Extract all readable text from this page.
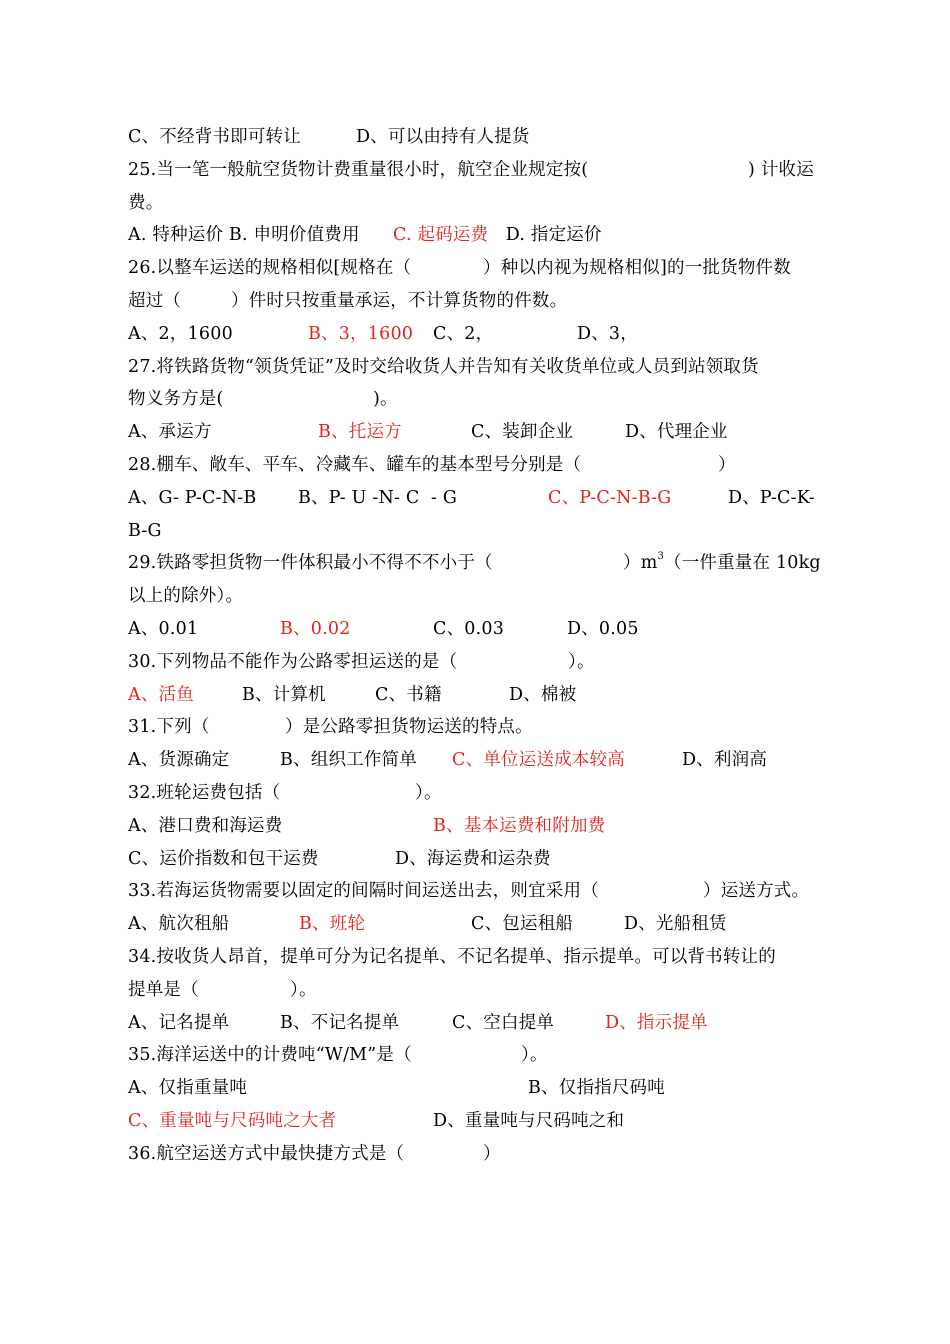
C、不经背书即可转让

	D、可以由持有人提货

25.当一笔一般航空货物计费重量很小时，航空企业规定按(

	) 计收运

费。

A. 特种运价 B. 申明价值费用

C. 起码运费

D. 指定运价

26.以整车运送的规格相似[规格在（

	）种以内视为规格相似]的一批货物件数

超过（

	）件时只按重量承运，不计算货物的件数。

A、2，1600

	B、3，1600

C、2，

	D、3，

27.将铁路货物“领货凭证”及时交给收货人并告知有关收货单位或人员到站领取货

物义务方是(

	)。

A、承运方

	B、托运方

	C、装卸企业

	D、代理企业

28.棚车、敞车、平车、冷藏车、罐车的基本型号分别是（

	）

A、G- P-C-N-B

B、P- U -N- C  - G

	C、P-C-N-B-G

	D、P-C-K-

B-G

29.铁路零担货物一件体积最小不得不不小于（

	）$m^3$

（一件重量在 10kg

以上的除外）。

A、0.01

	B、0.02

	C、0.03

	D、0.05

30.下列物品不能作为公路零担运送的是（

	）。

A、活鱼

	B、计算机

	C、书籍

	D、棉被

31.下列（

	）是公路零担货物运送的特点。

A、货源确定

	B、组织工作简单

C、单位运送成本较高

	D、利润高

32.班轮运费包括（

	）。

A、港口费和海运费

	B、基本运费和附加费

C、运价指数和包干运费

	D、海运费和运杂费

33.若海运货物需要以固定的间隔时间运送出去，则宜采用（

	）运送方式。

A、航次租船

	B、班轮

	C、包运租船

	D、光船租赁

34.按收货人昂首，提单可分为记名提单、不记名提单、指示提单。可以背书转让的

提单是（

	）。

A、记名提单

	B、不记名提单

	C、空白提单

	D、指示提单

35.海洋运送中的计费吨“W/M”是（

	）。

A、仅指重量吨

	B、仅指指尺码吨

C、重量吨与尺码吨之大者

	D、重量吨与尺码吨之和

36.航空运送方式中最快捷方式是（

	）
